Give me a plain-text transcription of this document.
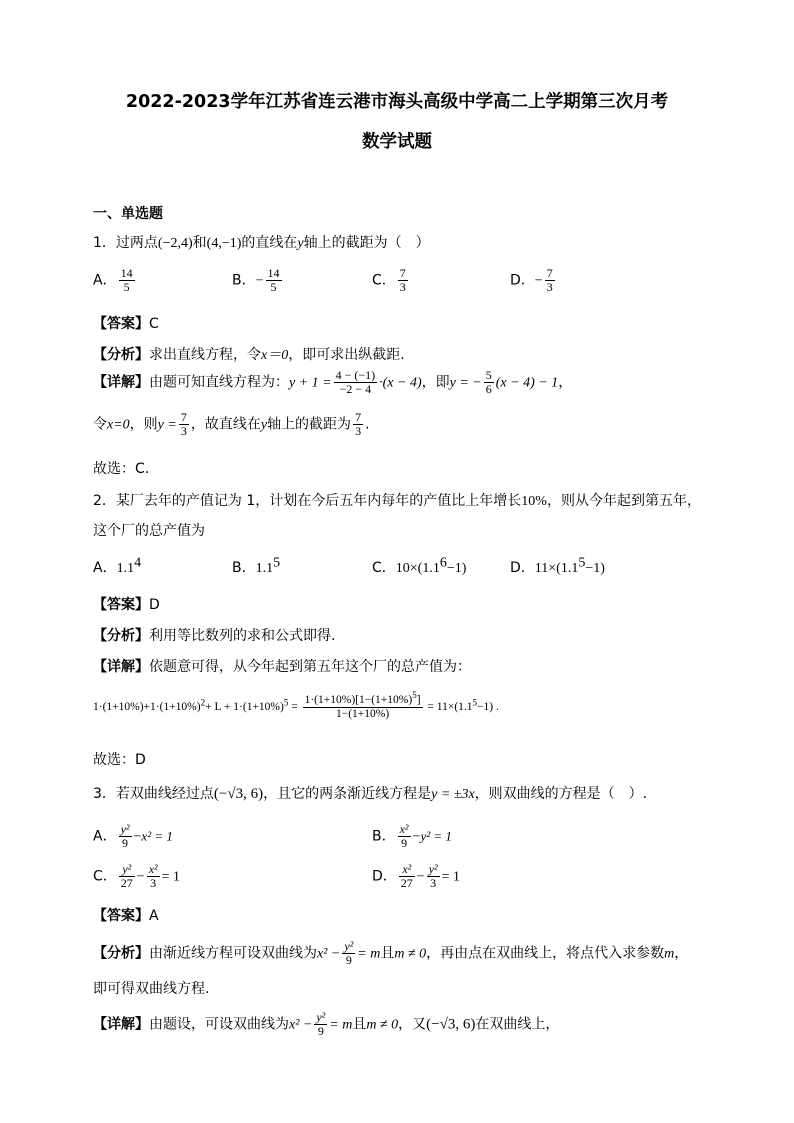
2022-2023学年江苏省连云港市海头高级中学高二上学期第三次月考
数学试题
一、单选题
1．过两点(−2,4)和(4,−1)的直线在y轴上的截距为（　）
A． $\frac{14}{5}$	B．− $\frac{14}{5}$	C． $\frac{7}{3}$	D．− $\frac{7}{3}$
【答案】C
【分析】求出直线方程，令x＝0，即可求出纵截距.
【详解】由题可知直线方程为：$y + 1 = \frac{4 - (-1)}{-2 - 4} \cdot(x - 4)$，即y = − $\frac{5}{6} (x - 4) - 1$，
令x=0，则$y = \frac{7}{3}$ ，故直线在y轴上的截距为 $\frac{7}{3}$ .
故选：C.
2．某厂去年的产值记为 1，计划在今后五年内每年的产值比上年增长10%，则从今年起到第五年，
这个厂的总产值为
A．$1.1^4$	B．$1.1^5$	C．$10\times(1.1^6-1)$	D．$11\times(1.1^5-1)$
【答案】D
【分析】利用等比数列的求和公式即得.
【详解】依题意可得，从今年起到第五年这个厂的总产值为：
$1\cdot(1+10\%)+1\cdot(1+10\%)^2+ L + 1\cdot(1+10\%)^5 = \frac{1\cdot(1+10\%)[1-(1+10\%)^5]}{1-(1+10\%)} = 11\times(1.1^5-1)$ .
故选：D
3．若双曲线经过点(−√3, 6)，且它的两条渐近线方程是y = ±3x，则双曲线的方程是（　）.
A． $\frac{\text{y²}}{9} -x^2 = 1$	B． $\frac{\text{x²}}{9} -y^2 = 1$
C． $\frac{\text{y²}}{27} - \frac{\text{x²}}{3} = 1$	D． $\frac{\text{x²}}{27} - \frac{\text{y²}}{3} = 1$
【答案】A
【分析】由渐近线方程可设双曲线为$x^2 - \frac{\text{y²}}{9} = m$且m ≠ 0，再由点在双曲线上，将点代入求参数m，
即可得双曲线方程.
【详解】由题设，可设双曲线为$x^2 - \frac{\text{y²}}{9} = m$且m ≠ 0，又(−√3, 6)在双曲线上，
